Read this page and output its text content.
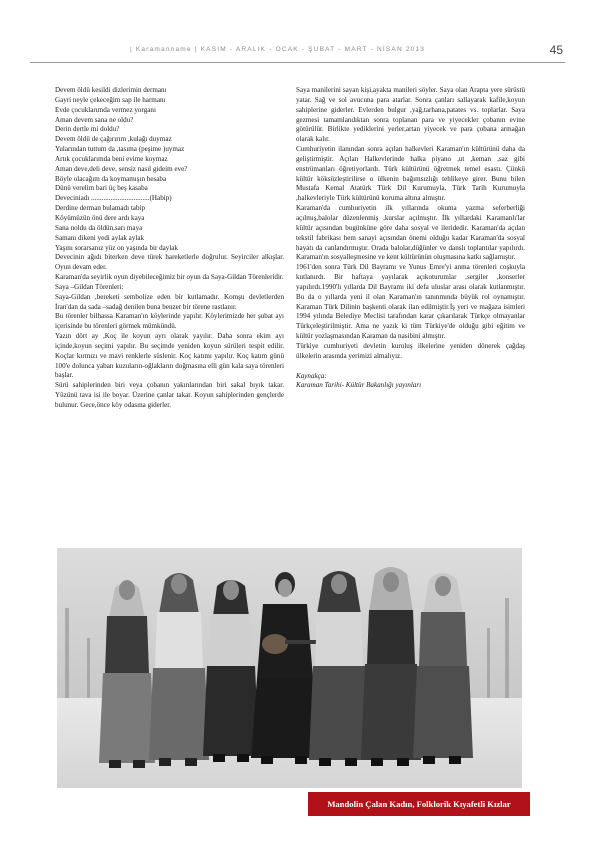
| Karamanname | KASIM - ARALIK - OCAK - ŞUBAT - MART - NİSAN 2013	45

Devem öldü kesildi dizlerimin dermanı

Gayri neyle çekeceğim sap ile harmanı

Evde çocuklarımda vermez yorganı

Aman devem sana ne oldu?

Derin dertle mi doldu?

Devem öldü de çağırırım ,kulağı duymaz

Yularından tuttum da ,tasıma (peşime )uymaz

Artık çocuklarımda beni evime koymaz

Aman deve,deli deve, sensiz nasıl gideim eve?

Böyle olacağım da koymamışın hesaba

Dünü verelim bari üç beş kasaba

Deveciniadı .................................(Habip)

Derdine derman bulamadı tabip

Köyümüzün önü dere ardı kaya

Sana noldu da öldün,sarı maya

Samanı dikeni yedi aylak aylak

Yaşını sorarsanız yüz on yaşında bir daylak

Devecinin ağıdı biterken deve türek hareketlerle doğrulur. Seyirciler alkışlar. Oyun devam eder.

Karaman'da seyirlik oyun diyebileceğimiz bir oyun da Saya-Gildan Törenleridir.

Saya –Gildan Törenleri:

Saya-Gildan ,bereketi sembolize eden bir kutlamadır. Komşu devletlerden İran'dan da sada –sadağ denilen buna benzer bir törene rastlanır.

Bu törenler bilhassa Karaman'ın köylerinde yapılır. Köylerimizde her şubat ayı içerisinde bu törenleri görmek mümkündü.

Yazın dört ay ,Koç ile koyun ayrı olarak yayılır. Daha sonra ekim ayı içinde,koyun seçimi yapılır. Bu seçimde yeniden koyun sürüleri tespit edilir. Koçlar kırmızı ve mavi renklerle süslenir. Koç katımı yapılır. Koç katım günü 100'e dolunca yaban kuzuların-oğlakların doğmasına elli gün kala saya törenleri başlar.

Sürü sahiplerinden biri veya çobanın yakınlarından biri sakal bıyık takar. Yüzünü tava isi ile boyar. Üzerine çanlar takar. Koyun sahiplerinden gençlerde bulunur. Gece,önce köy odasına giderler.

Saya manilerini sayan kişi,ayakta manileri söyler. Saya olan Arapta yere sürüstü yatar. Sağ ve sol avucuna para atarlar. Sonra çanları sallayarak kafile,koyun sahiplerine giderler. Evlerden bulgur ,yağ,tarhana,patates vs. toplarlar. Saya gezmesi tamamlandıktan sonra toplanan para ve yiyecekler çobanın evine götürülür. Birlikte yediklerini yerler,artan yiyecek ve para çobana armağan olarak kalır.

Cumhuriyetin ilanından sonra açılan halkevleri Karaman'ın kültürünü daha da geliştirmiştir. Açılan Halkevlerinde halka piyano ,ut ,keman ,saz gibi enstrümanları öğretiyorlardı. Türk kültürünü öğretmek temel esastı. Çünkü kültür köksüzleştirilirse o ülkenin bağımsızlığı tehlikeye girer. Bunu bilen Mustafa Kemal Atatürk Türk Dil Kurumuyla, Türk Tarih Kurumuyla ,halkevleriyle Türk kültürünü koruma altına almıştır.

Karaman'da cumhuriyetin ilk yıllarında okuma yazma seferberliği açılmış,balolar düzenlenmiş ,kurslar açılmıştır. İlk yıllardaki Karamanlı'lar kültür açısından bugünküne göre daha sosyal ve ileridedir. Karaman'da açılan tekstil fabrikası hem sanayi açısından önemi olduğu kadar Karaman'da sosyal hayatı da canlandırmıştır. Orada balolar,düğünler ve danslı toplantılar yapılırdı. Karaman'ın sosyalleşmesine ve kent kültürünün oluşmasına katkı sağlamıştır.

1961'den sonra Türk Dil Bayramı ve Yunus Emre'yi anma törenleri coşkuyla kutlanırdı. Bir haftaya yayılarak açıkoturumlar ,sergiler ,konserler yapılırdı.1990'lı yıllarda Dil Bayramı iki defa uluslar arası olarak kutlanmıştır. Bu da o yıllarda yeni il olan Karaman'ın tanınmında büyük rol oynamıştır. Karaman Türk Dilinin başkenti olarak ilan edilmiştir.İş yeri ve mağaza isimleri 1994 yılında Belediye Meclisi tarafından karar çıkarılarak Türkçe olmayanlar Türkçeleştirilmiştir. Ama ne yazık ki tüm Türkiye'de olduğu gibi eğitim ve kültür yozlaşmasından Karaman da nasibini almıştır.

Türkiye cumhuriyeti devletin kuruluş ilkelerine yeniden dönerek çağdaş ülkelerin arasında yerimizi almalıyız.

Kaynakça:

Karaman Tarihi- Kültür Bakanlığı yayınları

Mandolin Çalan Kadın, Folklorik Kıyafetli Kızlar
